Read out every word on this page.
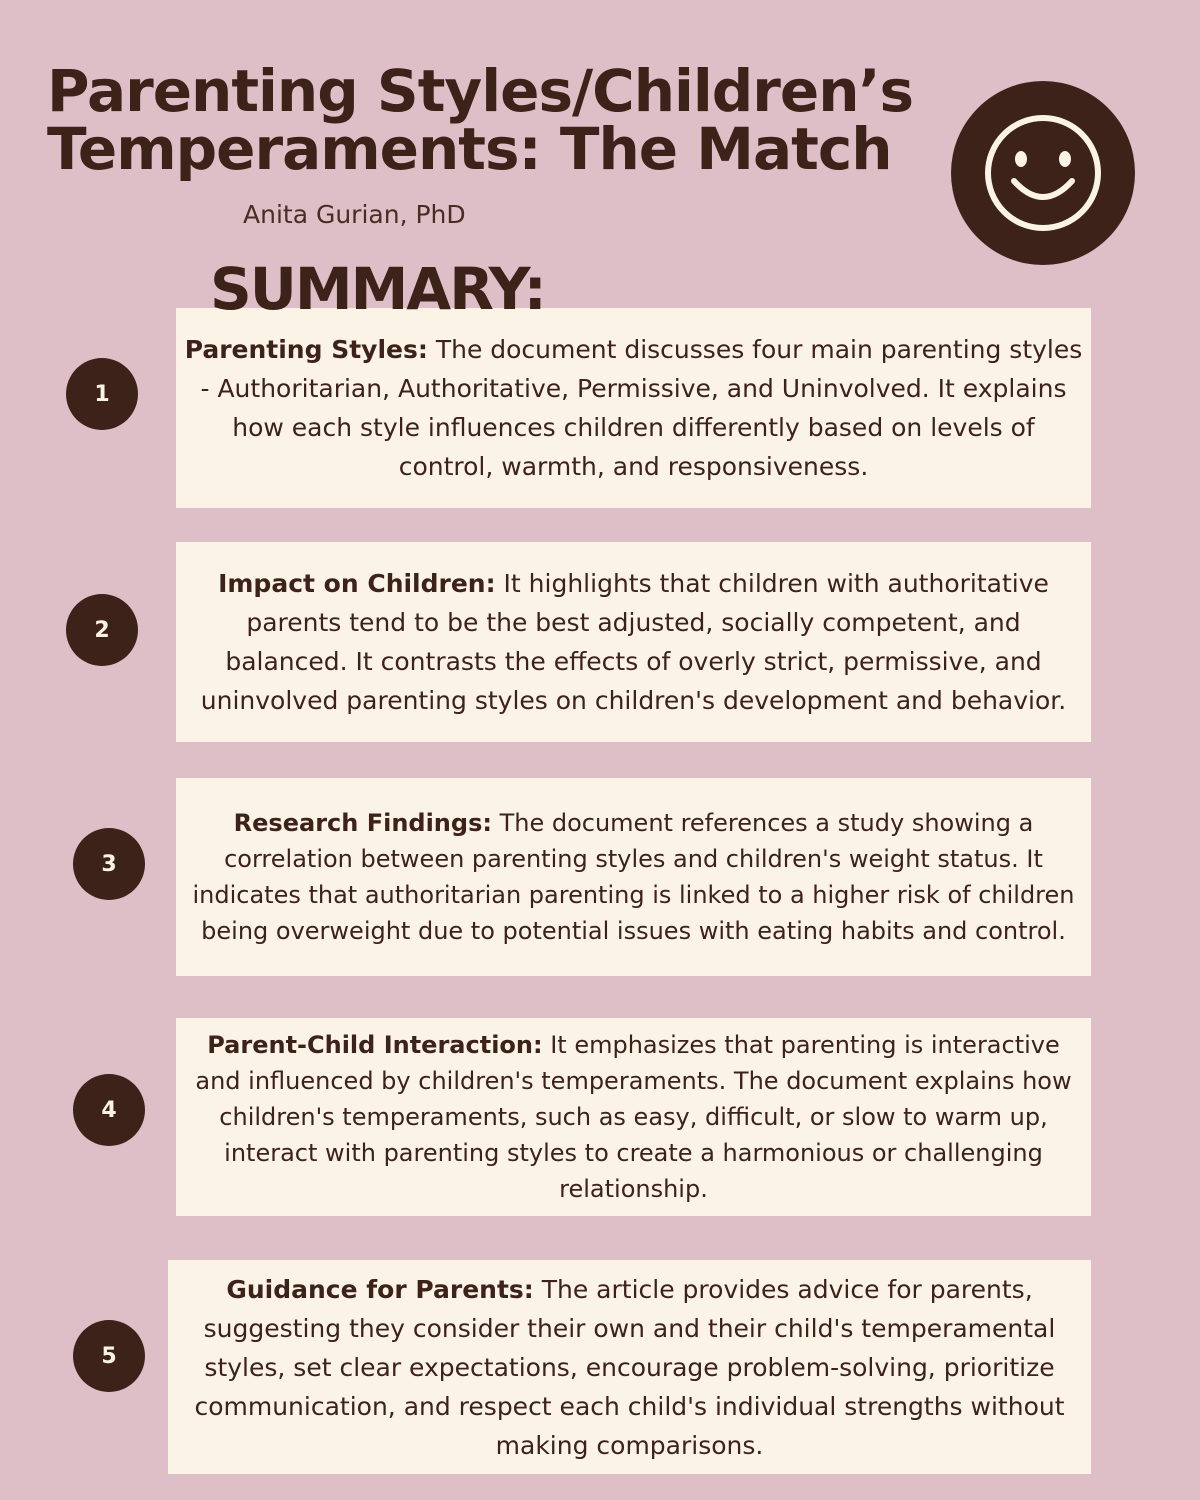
Parenting Styles/Children’s
Temperaments: The Match
Anita Gurian, PhD
SUMMARY:
1

Parenting Styles: The document discusses four main parenting styles - Authoritarian, Authoritative, Permissive, and Uninvolved. It explains how each style influences children differently based on levels of control, warmth, and responsiveness.

2

Impact on Children: It highlights that children with authoritative parents tend to be the best adjusted, socially competent, and balanced. It contrasts the effects of overly strict, permissive, and uninvolved parenting styles on children's development and behavior.

3

Research Findings: The document references a study showing a correlation between parenting styles and children's weight status. It indicates that authoritarian parenting is linked to a higher risk of children being overweight due to potential issues with eating habits and control.

4

Parent-Child Interaction: It emphasizes that parenting is interactive and influenced by children's temperaments. The document explains how children's temperaments, such as easy, difficult, or slow to warm up, interact with parenting styles to create a harmonious or challenging relationship.

5

Guidance for Parents: The article provides advice for parents, suggesting they consider their own and their child's temperamental styles, set clear expectations, encourage problem-solving, prioritize communication, and respect each child's individual strengths without making comparisons.
